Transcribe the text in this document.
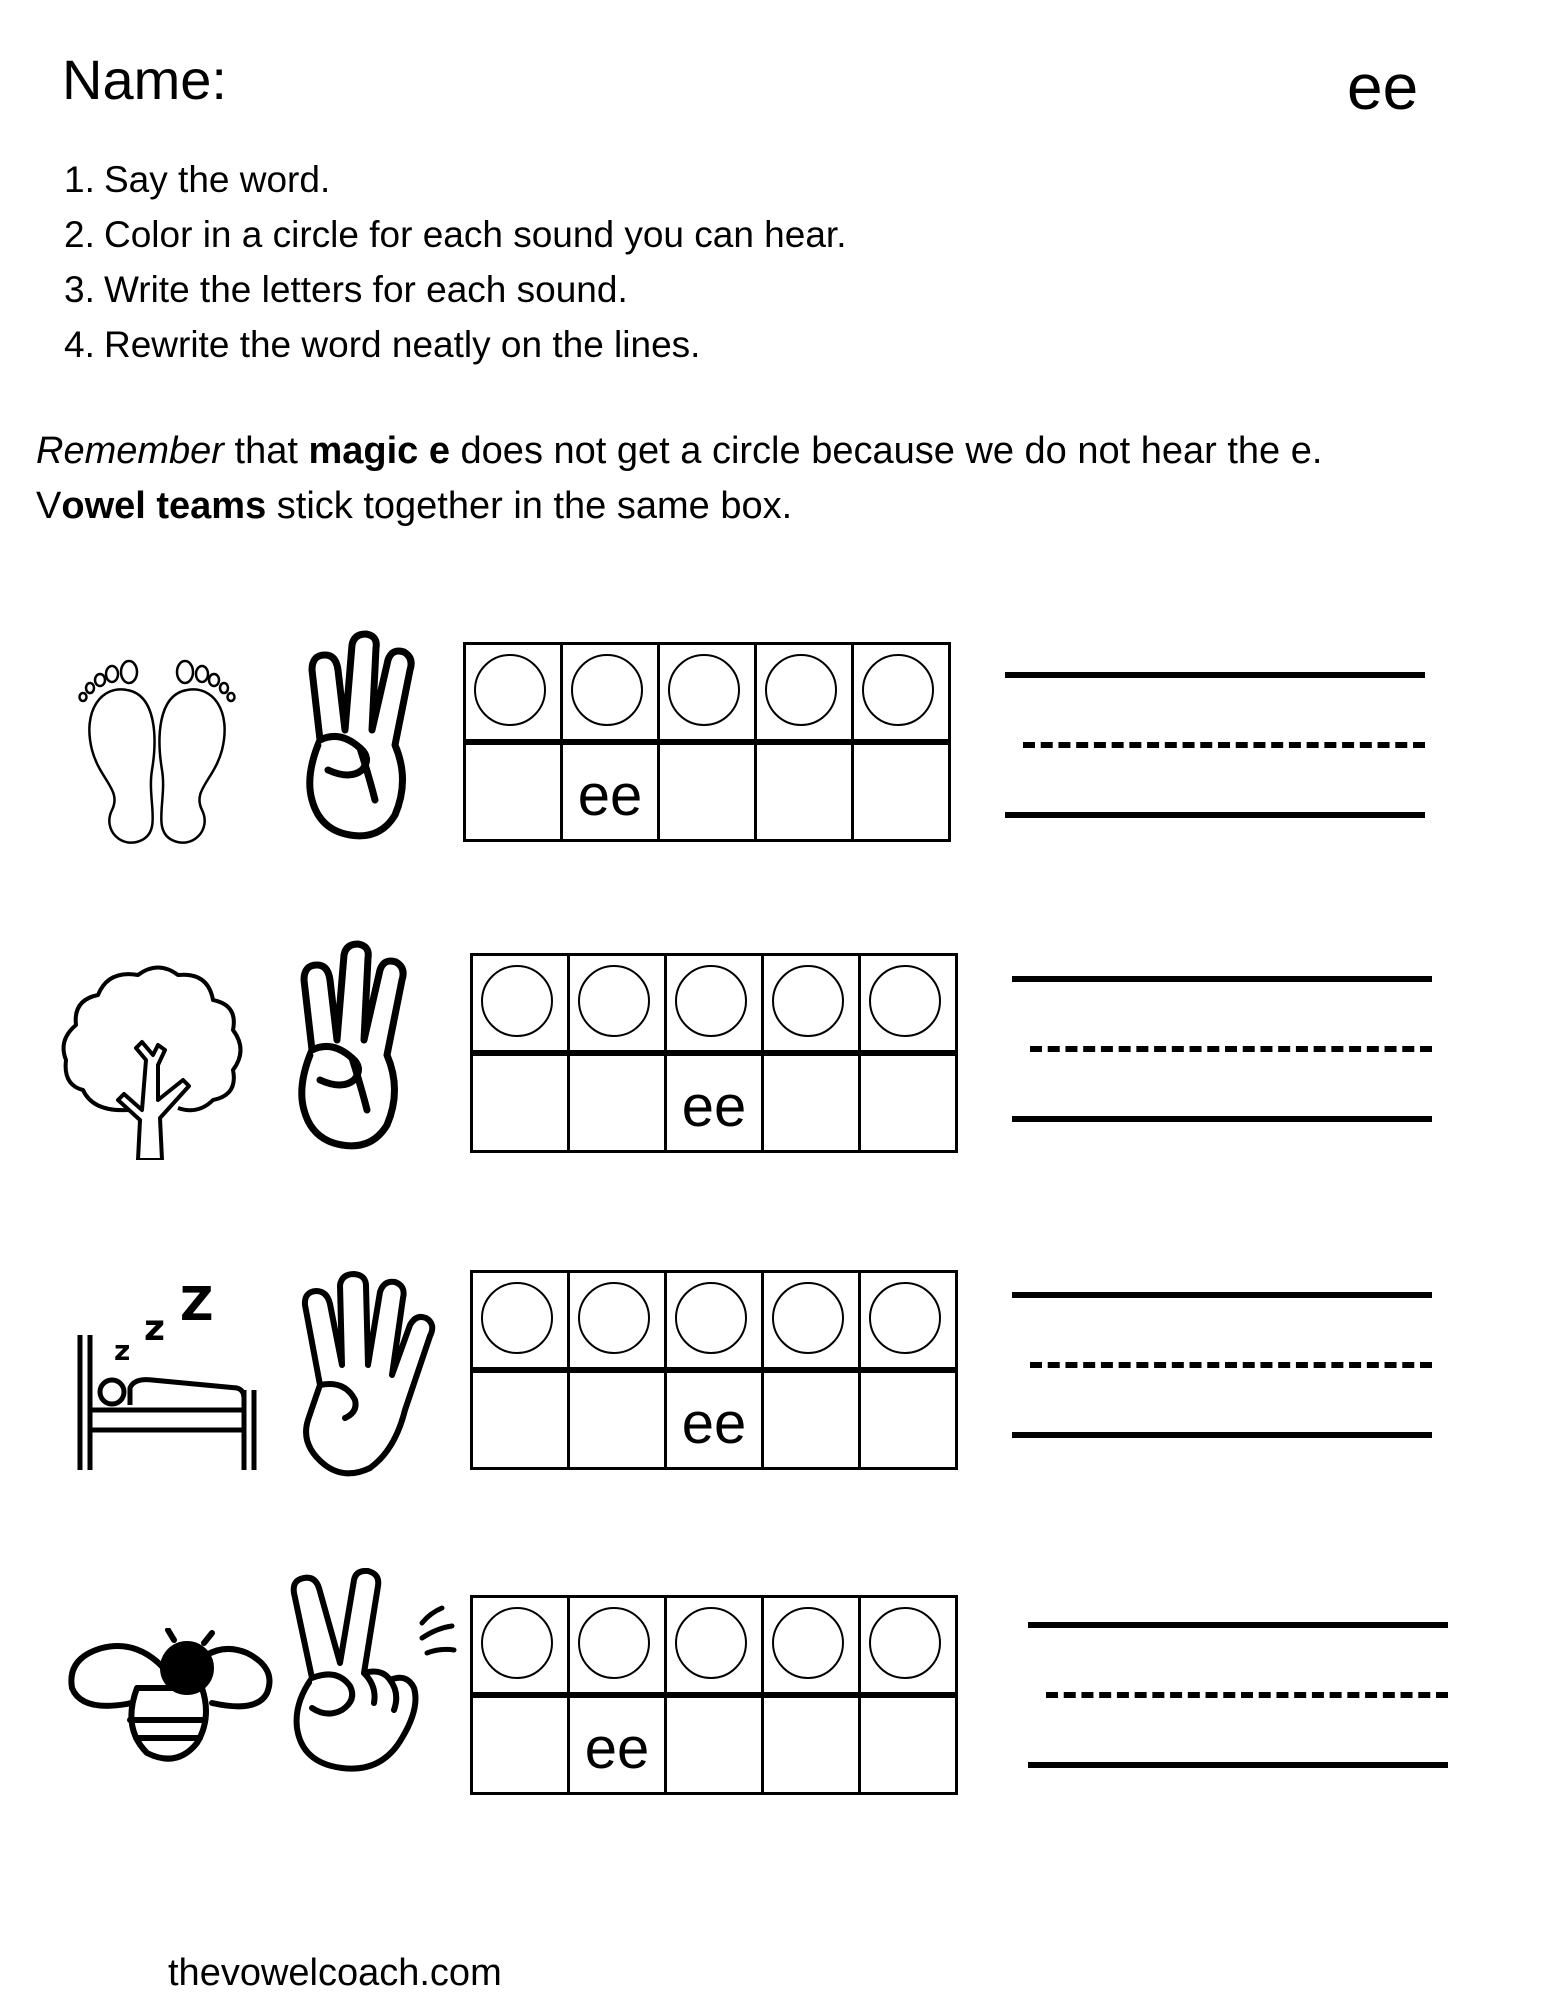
Name:	ee
1. Say the word.
2. Color in a circle for each sound you can hear.
3. Write the letters for each sound.
4. Rewrite the word neatly on the lines.
Remember that magic e does not get a circle because we do not hear the e.
Vowel teams stick together in the same box.
ee
ee
z
z Z
ee
ee
thevowelcoach.com
